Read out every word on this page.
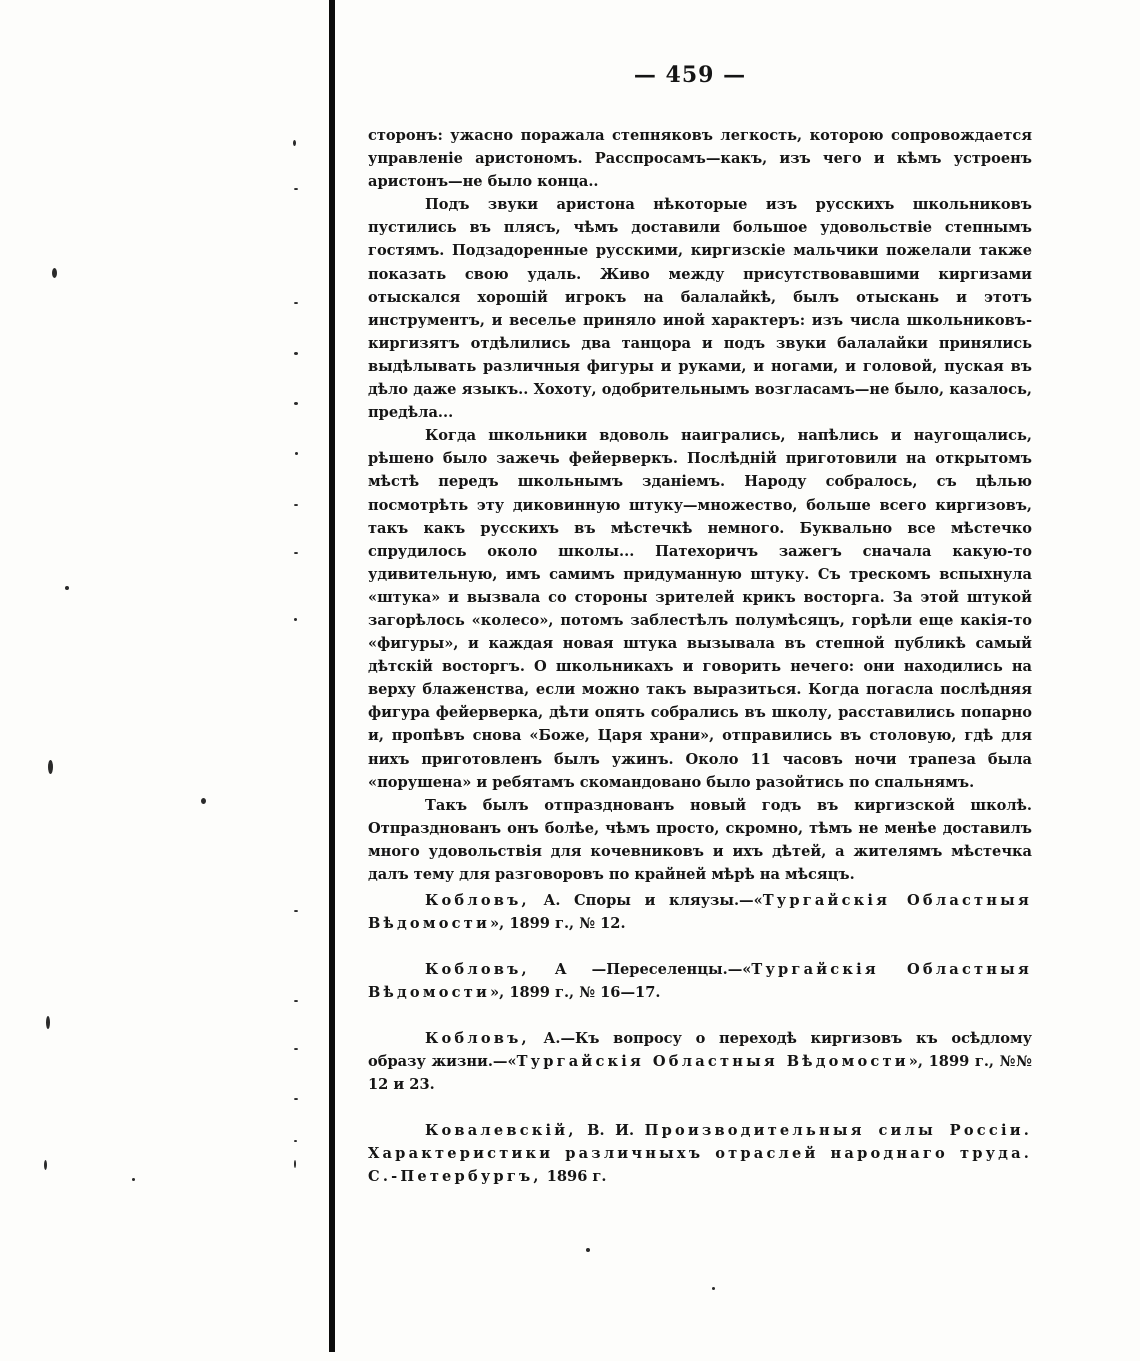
— 459 —

сторонъ: ужасно поражала степняковъ легкость, которою сопровождается управленіе аристономъ. Расспросамъ—какъ, изъ чего и кѣмъ устроенъ аристонъ—не было конца..

Подъ звуки аристона нѣкоторые изъ русскихъ школьниковъ пустились въ плясъ, чѣмъ доставили большое удовольствіе степнымъ гостямъ. Подзадоренные русскими, киргизскіе мальчики пожелали также показать свою удаль. Живо между присутствовавшими киргизами отыскался хорошій игрокъ на балалайкѣ, былъ отыскань и этотъ инструментъ, и веселье приняло иной характеръ: изъ числа школьниковъ-киргизятъ отдѣлились два танцора и подъ звуки балалайки принялись выдѣлывать различныя фигуры и руками, и ногами, и головой, пуская въ дѣло даже языкъ.. Хохоту, одобрительнымъ возгласамъ—не было, казалось, предѣла...

Когда школьники вдоволь наигрались, напѣлись и наугощались, рѣшено было зажечь фейерверкъ. Послѣдній приготовили на открытомъ мѣстѣ передъ школьнымъ зданіемъ. Народу собралось, съ цѣлью посмотрѣть эту диковинную штуку—множество, больше всего киргизовъ, такъ какъ русскихъ въ мѣстечкѣ немного. Буквально все мѣстечко спрудилось около школы... Патехоричъ зажегъ сначала какую-то удивительную, имъ самимъ придуманную штуку. Съ трескомъ вспыхнула «штука» и вызвала со стороны зрителей крикъ восторга. За этой штукой загорѣлось «колесо», потомъ заблестѣлъ полумѣсяцъ, горѣли еще какія-то «фигуры», и каждая новая штука вызывала въ степной публикѣ самый дѣтскій восторгъ. О школьникахъ и говорить нечего: они находились на верху блаженства, если можно такъ выразиться. Когда погасла послѣдняя фигура фейерверка, дѣти опять собрались въ школу, расставились попарно и, пропѣвъ снова «Боже, Царя храни», отправились въ столовую, гдѣ для нихъ приготовленъ былъ ужинъ. Около 11 часовъ ночи трапеза была «порушена» и ребятамъ скомандовано было разойтись по спальнямъ.

Такъ былъ отпразднованъ новый годъ въ киргизской школѣ. Отпразднованъ онъ болѣе, чѣмъ просто, скромно, тѣмъ не менѣе доставилъ много удовольствія для кочевниковъ и ихъ дѣтей, а жителямъ мѣстечка далъ тему для разговоровъ по крайней мѣрѣ на мѣсяцъ.

Кобловъ, А. Споры и кляузы.—«Тургайскія Областныя Вѣдомости», 1899 г., № 12.

Кобловъ, А —Переселенцы.—«Тургайскія Областныя Вѣдомости», 1899 г., № 16—17.

Кобловъ, А.—Къ вопросу о переходѣ киргизовъ къ осѣдлому образу жизни.—«Тургайскія Областныя Вѣдомости», 1899 г., №№ 12 и 23.

Ковалевскій, В. И. Производительныя силы Россіи. Характеристики различныхъ отраслей народнаго труда. С.-Петербургъ, 1896 г.
